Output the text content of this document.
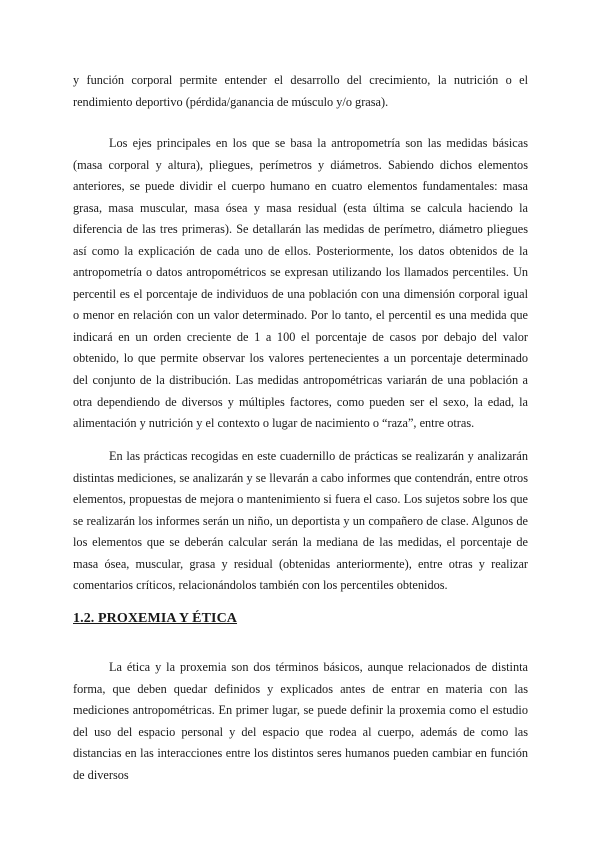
y función corporal permite entender el desarrollo del crecimiento, la nutrición o el rendimiento deportivo (pérdida/ganancia de músculo y/o grasa).

Los ejes principales en los que se basa la antropometría son las medidas básicas (masa corporal y altura), pliegues, perímetros y diámetros. Sabiendo dichos elementos anteriores, se puede dividir el cuerpo humano en cuatro elementos fundamentales: masa grasa, masa muscular, masa ósea y masa residual (esta última se calcula haciendo la diferencia de las tres primeras). Se detallarán las medidas de perímetro, diámetro pliegues así como la explicación de cada uno de ellos. Posteriormente, los datos obtenidos de la antropometría o datos antropométricos se expresan utilizando los llamados percentiles. Un percentil es el porcentaje de individuos de una población con una dimensión corporal igual o menor en relación con un valor determinado. Por lo tanto, el percentil es una medida que indicará en un orden creciente de 1 a 100 el porcentaje de casos por debajo del valor obtenido, lo que permite observar los valores pertenecientes a un porcentaje determinado del conjunto de la distribución. Las medidas antropométricas variarán de una población a otra dependiendo de diversos y múltiples factores, como pueden ser el sexo, la edad, la alimentación y nutrición y el contexto o lugar de nacimiento o “raza”, entre otras.

En las prácticas recogidas en este cuadernillo de prácticas se realizarán y analizarán distintas mediciones, se analizarán y se llevarán a cabo informes que contendrán, entre otros elementos, propuestas de mejora o mantenimiento si fuera el caso. Los sujetos sobre los que se realizarán los informes serán un niño, un deportista y un compañero de clase. Algunos de los elementos que se deberán calcular serán la mediana de las medidas, el porcentaje de masa ósea, muscular, grasa y residual (obtenidas anteriormente), entre otras y realizar comentarios críticos, relacionándolos también con los percentiles obtenidos.

1.2. PROXEMIA Y ÉTICA

La ética y la proxemia son dos términos básicos, aunque relacionados de distinta forma, que deben quedar definidos y explicados antes de entrar en materia con las mediciones antropométricas. En primer lugar, se puede definir la proxemia como el estudio del uso del espacio personal y del espacio que rodea al cuerpo, además de como las distancias en las interacciones entre los distintos seres humanos pueden cambiar en función de diversos
